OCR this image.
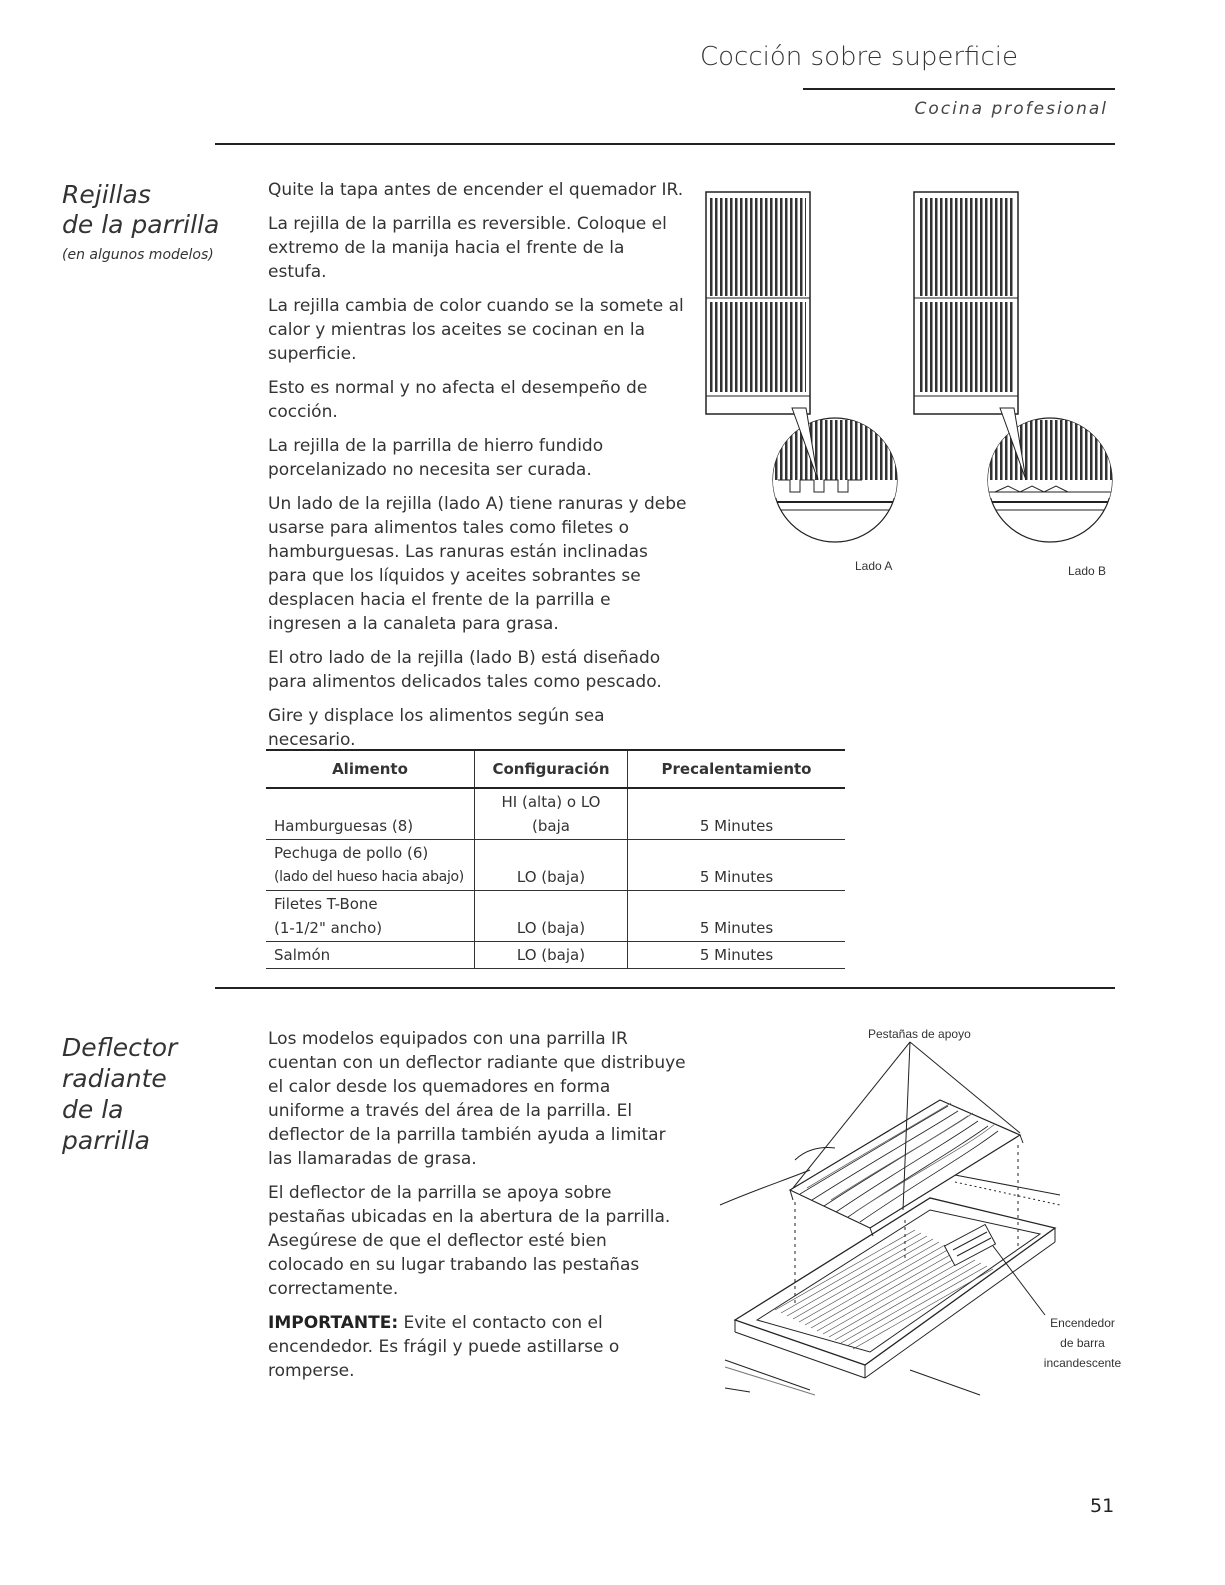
Cocción sobre superficie
Cocina profesional
Rejillas
de la parrilla
(en algunos modelos)

Quite la tapa antes de encender el quemador IR.

La rejilla de la parrilla es reversible. Coloque el extremo de la manija hacia el frente de la estufa.

La rejilla cambia de color cuando se la somete al calor y mientras los aceites se cocinan en la superficie.

Esto es normal y no afecta el desempeño de cocción.

La rejilla de la parrilla de hierro fundido porcelanizado no necesita ser curada.

Un lado de la rejilla (lado A) tiene ranuras y debe usarse para alimentos tales como filetes o hamburguesas. Las ranuras están inclinadas para que los líquidos y aceites sobrantes se desplacen hacia el frente de la parrilla e ingresen a la canaleta para grasa.

El otro lado de la rejilla (lado B) está diseñado para alimentos delicados tales como pescado.

Gire y displace los alimentos según sea necesario.

Lado A	Lado B
Alimento	Configuración	Precalentamiento

Hamburguesas (8)	HI (alta) o LO (baja	5 Minutes

Pechuga de pollo (6)
(lado del hueso hacia abajo)	LO (baja)	5 Minutes

Filetes T-Bone
(1-1/2" ancho)	LO (baja)	5 Minutes

Salmón	LO (baja)	5 Minutes
Deflector
radiante
de la
parrilla

Los modelos equipados con una parrilla IR cuentan con un deflector radiante que distribuye el calor desde los quemadores en forma uniforme a través del área de la parrilla. El deflector de la parrilla también ayuda a limitar las llamaradas de grasa.

El deflector de la parrilla se apoya sobre pestañas ubicadas en la abertura de la parrilla. Asegúrese de que el deflector esté bien colocado en su lugar trabando las pestañas correctamente.

IMPORTANTE: Evite el contacto con el encendedor. Es frágil y puede astillarse o romperse.

Pestañas de apoyo
Encendedor
de barra
incandescente
51
